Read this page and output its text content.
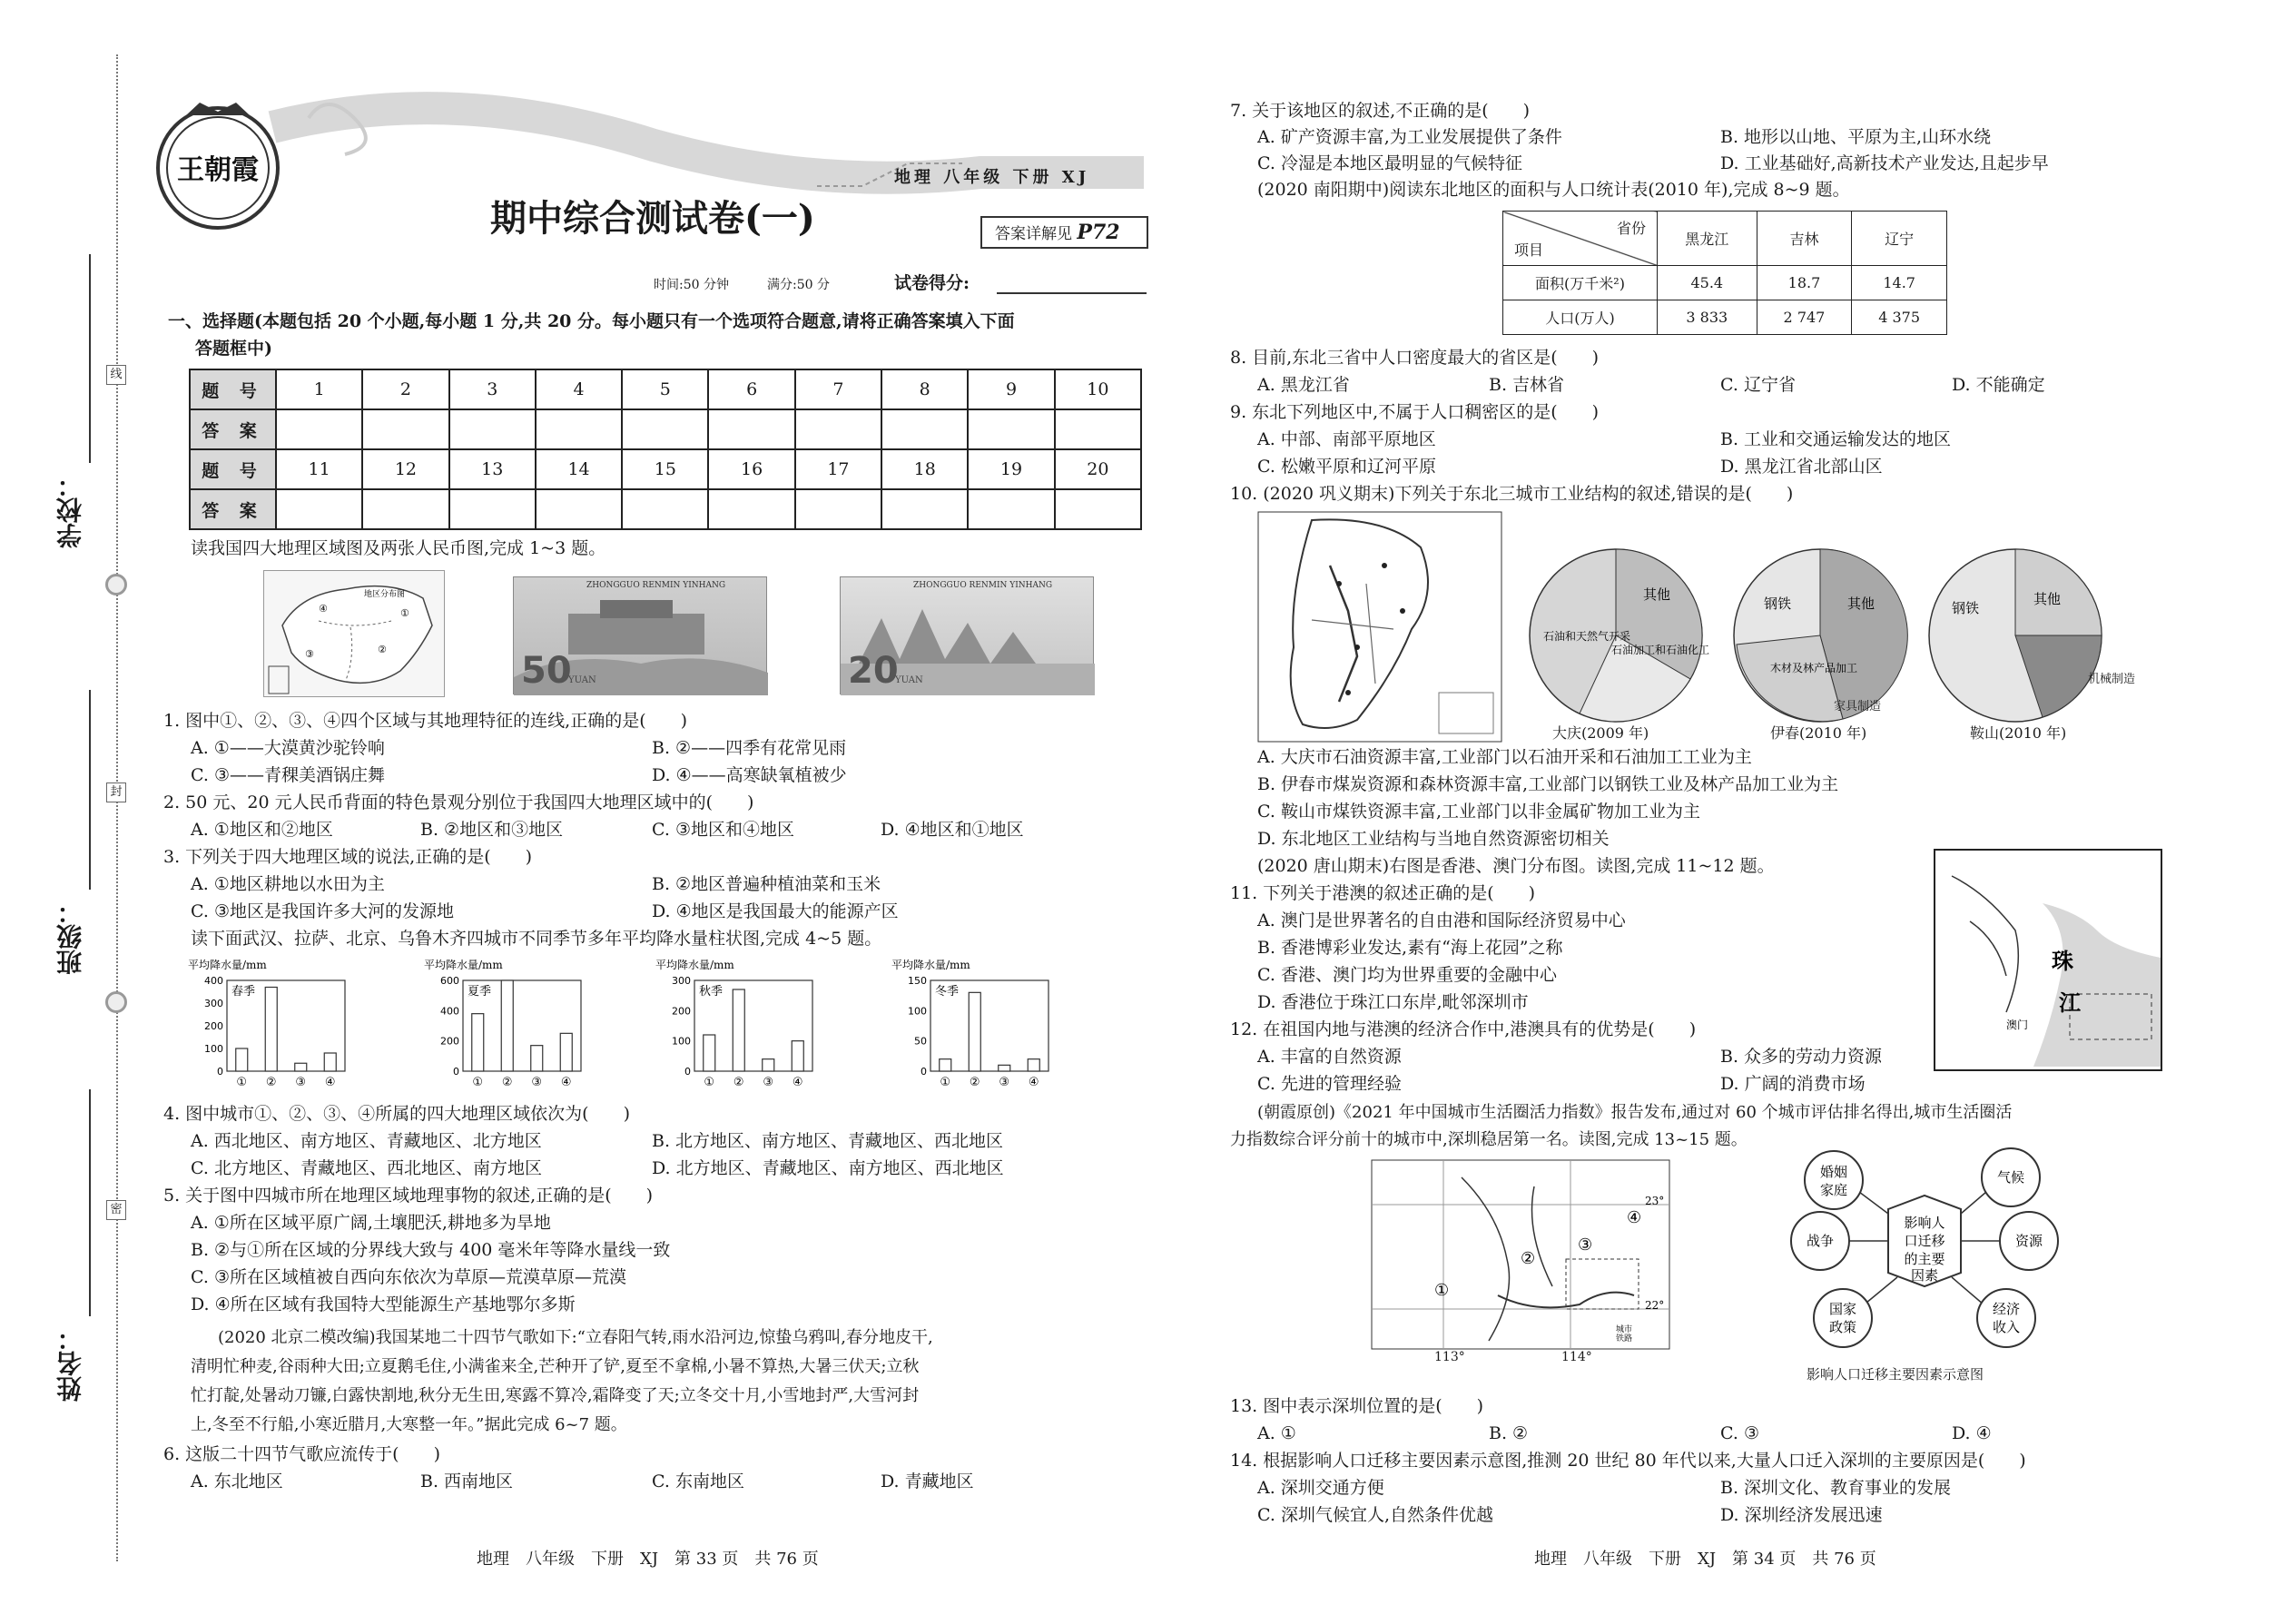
学校：
班级：
姓名：
线
封
密
王朝霞	地理 八年级 下册 XJ
期中综合测试卷(一)	答案详解见 P72
时间:50 分钟	满分:50 分	试卷得分:
一、选择题(本题包括 20 个小题,每小题 1 分,共 20 分。每小题只有一个选项符合题意,请将正确答案填入下面
答题框中)
题 号	1	2	3	4	5	6	7	8	9	10
答 案										
题 号	11	12	13	14	15	16	17	18	19	20
答 案										
读我国四大地理区域图及两张人民币图,完成 1~3 题。
地区分布图
①
②
③
④
50
YUAN
ZHONGGUO RENMIN YINHANG
20
YUAN
ZHONGGUO RENMIN YINHANG
1. 图中①、②、③、④四个区域与其地理特征的连线,正确的是(　　)
A. ①——大漠黄沙驼铃响	B. ②——四季有花常见雨
C. ③——青稞美酒锅庄舞	D. ④——高寒缺氧植被少
2. 50 元、20 元人民币背面的特色景观分别位于我国四大地理区域中的(　　)
A. ①地区和②地区	B. ②地区和③地区	C. ③地区和④地区	D. ④地区和①地区
3. 下列关于四大地理区域的说法,正确的是(　　)
A. ①地区耕地以水田为主	B. ②地区普遍种植油菜和玉米
C. ③地区是我国许多大河的发源地	D. ④地区是我国最大的能源产区
读下面武汉、拉萨、北京、乌鲁木齐四城市不同季节多年平均降水量柱状图,完成 4~5 题。
平均降水量/mm
春季
400
300
200
100
0
① ② ③ ④
平均降水量/mm
夏季
600
400
200
0
① ② ③ ④
平均降水量/mm
秋季
300
200
100
0
① ② ③ ④
平均降水量/mm
冬季
150
100
50
0
① ② ③ ④
4. 图中城市①、②、③、④所属的四大地理区域依次为(　　)
A. 西北地区、南方地区、青藏地区、北方地区	B. 北方地区、南方地区、青藏地区、西北地区
C. 北方地区、青藏地区、西北地区、南方地区	D. 北方地区、青藏地区、南方地区、西北地区
5. 关于图中四城市所在地理区域地理事物的叙述,正确的是(　　)
A. ①所在区域平原广阔,土壤肥沃,耕地多为旱地
B. ②与①所在区域的分界线大致与 400 毫米年等降水量线一致
C. ③所在区域植被自西向东依次为草原—荒漠草原—荒漠
D. ④所在区域有我国特大型能源生产基地鄂尔多斯
(2020 北京二模改编)我国某地二十四节气歌如下:“立春阳气转,雨水沿河边,惊蛰乌鸦叫,春分地皮干,
清明忙种麦,谷雨种大田;立夏鹅毛住,小满雀来全,芒种开了铲,夏至不拿棉,小暑不算热,大暑三伏天;立秋
忙打靛,处暑动刀镰,白露快割地,秋分无生田,寒露不算冷,霜降变了天;立冬交十月,小雪地封严,大雪河封
上,冬至不行船,小寒近腊月,大寒整一年。”据此完成 6~7 题。
6. 这版二十四节气歌应流传于(　　)
A. 东北地区	B. 西南地区	C. 东南地区	D. 青藏地区
地理　八年级　下册　XJ　第 33 页　共 76 页
7. 关于该地区的叙述,不正确的是(　　)
A. 矿产资源丰富,为工业发展提供了条件	B. 地形以山地、平原为主,山环水绕
C. 冷湿是本地区最明显的气候特征	D. 工业基础好,高新技术产业发达,且起步早
(2020 南阳期中)阅读东北地区的面积与人口统计表(2010 年),完成 8~9 题。
省份
项目	黑龙江	吉林	辽宁
面积(万千米²)	45.4	18.7	14.7
人口(万人)	3 833	2 747	4 375
8. 目前,东北三省中人口密度最大的省区是(　　)
A. 黑龙江省	B. 吉林省	C. 辽宁省	D. 不能确定
9. 东北下列地区中,不属于人口稠密区的是(　　)
A. 中部、南部平原地区	B. 工业和交通运输发达的地区
C. 松嫩平原和辽河平原	D. 黑龙江省北部山区
10. (2020 巩义期末)下列关于东北三城市工业结构的叙述,错误的是(　　)
其他
石油加工和石油化工
石油和天然气开采
钢铁	其他
木材及林产品加工
钢铁
其他
大庆(2009 年)	伊春(2010 年)	鞍山(2010 年)
家具制造
机械制造
A. 大庆市石油资源丰富,工业部门以石油开采和石油加工工业为主
B. 伊春市煤炭资源和森林资源丰富,工业部门以钢铁工业及林产品加工业为主
C. 鞍山市煤铁资源丰富,工业部门以非金属矿物加工业为主
D. 东北地区工业结构与当地自然资源密切相关
(2020 唐山期末)右图是香港、澳门分布图。读图,完成 11~12 题。
珠
江
澳门
11. 下列关于港澳的叙述正确的是(　　)
A. 澳门是世界著名的自由港和国际经济贸易中心
B. 香港博彩业发达,素有“海上花园”之称
C. 香港、澳门均为世界重要的金融中心
D. 香港位于珠江口东岸,毗邻深圳市
12. 在祖国内地与港澳的经济合作中,港澳具有的优势是(　　)
A. 丰富的自然资源	B. 众多的劳动力资源
C. 先进的管理经验	D. 广阔的消费市场
(朝霞原创)《2021 年中国城市生活圈活力指数》报告发布,通过对 60 个城市评估排名得出,城市生活圈活
力指数综合评分前十的城市中,深圳稳居第一名。读图,完成 13~15 题。
①
②
③
④
23°
22°
城市
铁路
113°	114°
影响人
口迁移
的主要
因素
婚姻
家庭
气候
资源
经济
收入
国家
政策
战争
影响人口迁移主要因素示意图
13. 图中表示深圳位置的是(　　)
A. ①	B. ②	C. ③	D. ④
14. 根据影响人口迁移主要因素示意图,推测 20 世纪 80 年代以来,大量人口迁入深圳的主要原因是(　　)
A. 深圳交通方便	B. 深圳文化、教育事业的发展
C. 深圳气候宜人,自然条件优越	D. 深圳经济发展迅速
地理　八年级　下册　XJ　第 34 页　共 76 页
